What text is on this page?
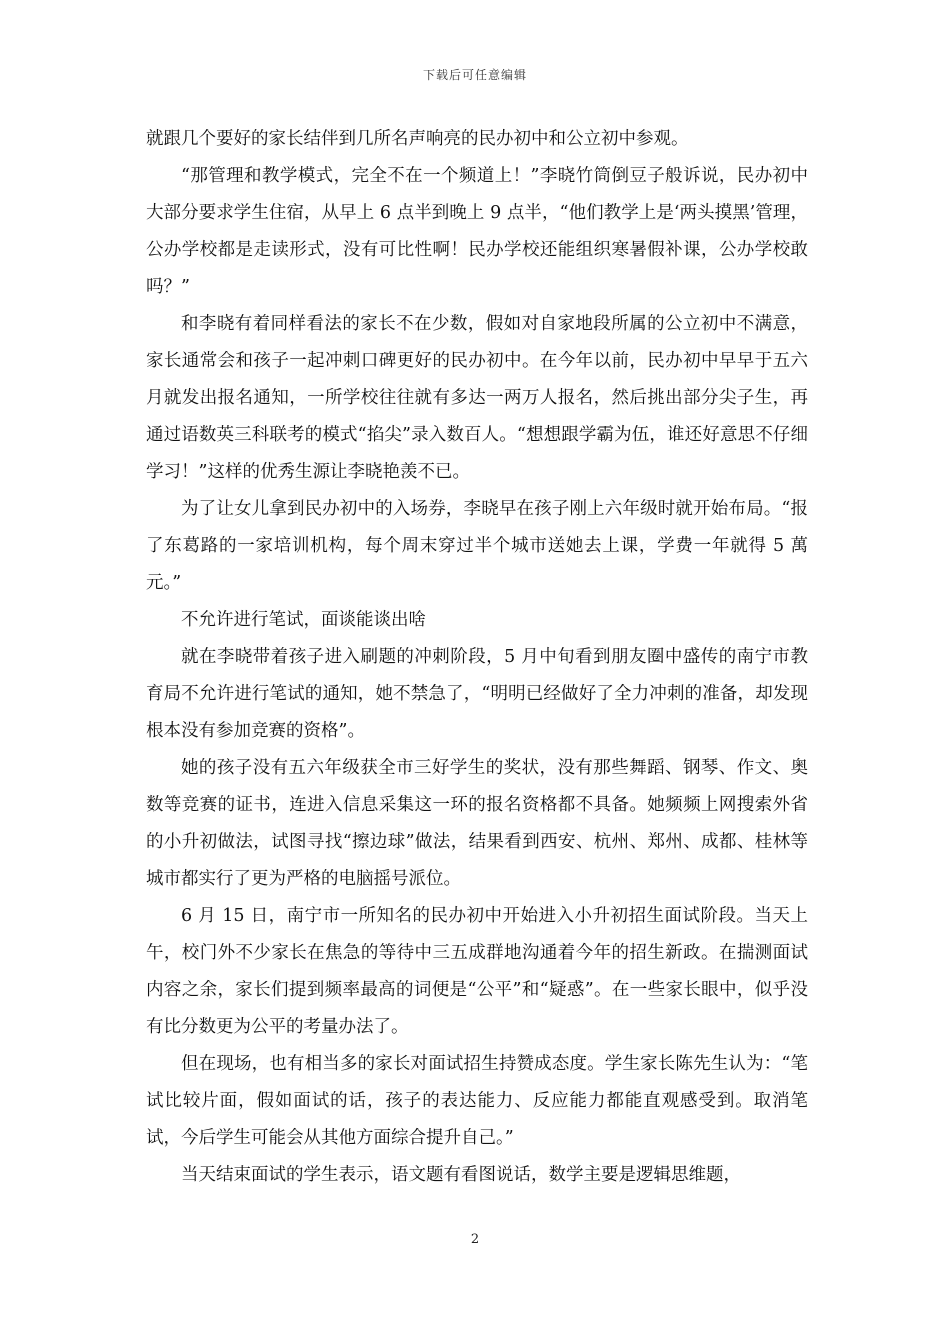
下载后可任意编辑

就跟几个要好的家长结伴到几所名声响亮的民办初中和公立初中参观。

“那管理和教学模式，完全不在一个频道上！”李晓竹筒倒豆子般诉说，民办初中大部分要求学生住宿，从早上 6 点半到晚上 9 点半，“他们教学上是‘两头摸黑’管理，公办学校都是走读形式，没有可比性啊！民办学校还能组织寒暑假补课，公办学校敢吗？”

和李晓有着同样看法的家长不在少数，假如对自家地段所属的公立初中不满意，家长通常会和孩子一起冲刺口碑更好的民办初中。在今年以前，民办初中早早于五六月就发出报名通知，一所学校往往就有多达一两万人报名，然后挑出部分尖子生，再通过语数英三科联考的模式“掐尖”录入数百人。“想想跟学霸为伍，谁还好意思不仔细学习！”这样的优秀生源让李晓艳羡不已。

为了让女儿拿到民办初中的入场券，李晓早在孩子刚上六年级时就开始布局。“报了东葛路的一家培训机构，每个周末穿过半个城市送她去上课，学费一年就得 5 萬元。”

不允许进行笔试，面谈能谈出啥

就在李晓带着孩子进入刷题的冲刺阶段，5 月中旬看到朋友圈中盛传的南宁市教育局不允许进行笔试的通知，她不禁急了，“明明已经做好了全力冲刺的准备，却发现根本没有参加竞赛的资格”。

她的孩子没有五六年级获全市三好学生的奖状，没有那些舞蹈、钢琴、作文、奥数等竞赛的证书，连进入信息采集这一环的报名资格都不具备。她频频上网搜索外省的小升初做法，试图寻找“擦边球”做法，结果看到西安、杭州、郑州、成都、桂林等城市都实行了更为严格的电脑摇号派位。

6 月 15 日，南宁市一所知名的民办初中开始进入小升初招生面试阶段。当天上午，校门外不少家长在焦急的等待中三五成群地沟通着今年的招生新政。在揣测面试内容之余，家长们提到频率最高的词便是“公平”和“疑惑”。在一些家长眼中，似乎没有比分数更为公平的考量办法了。

但在现场，也有相当多的家长对面试招生持赞成态度。学生家长陈先生认为：“笔试比较片面，假如面试的话，孩子的表达能力、反应能力都能直观感受到。取消笔试，今后学生可能会从其他方面综合提升自己。”

当天结束面试的学生表示，语文题有看图说话，数学主要是逻辑思维题，

2
